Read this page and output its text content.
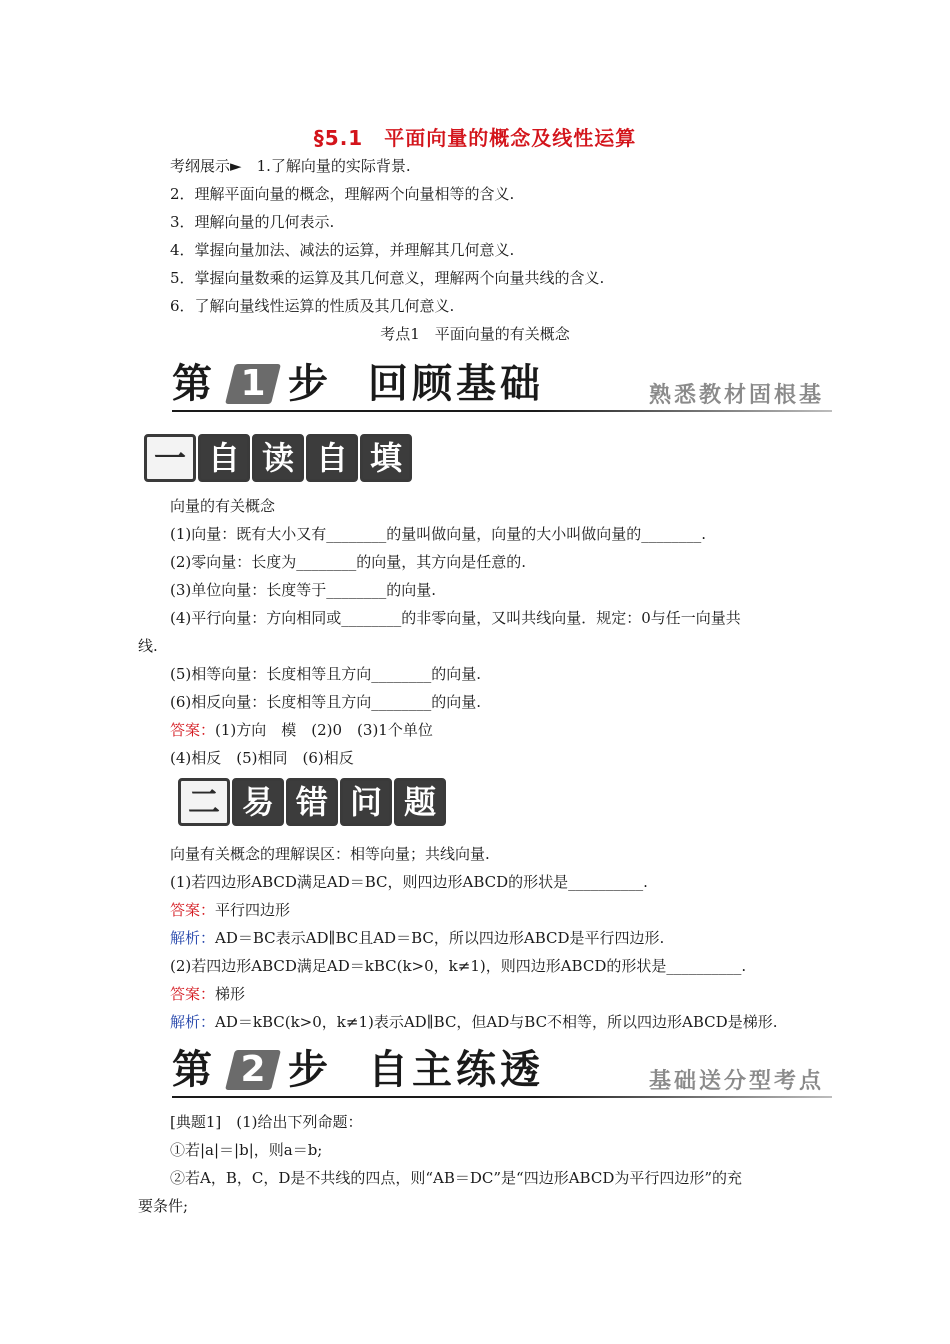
§5.1　平面向量的概念及线性运算
考纲展示►　 1.了解向量的实际背景.
2．理解平面向量的概念，理解两个向量相等的含义.
3．理解向量的几何表示.
4．掌握向量加法、减法的运算，并理解其几何意义.
5．掌握向量数乘的运算及其几何意义，理解两个向量共线的含义.
6．了解向量线性运算的性质及其几何意义.
考点1　平面向量的有关概念
第 1 步 回顾基础	熟悉教材固根基
一 自 读 自 填
向量的有关概念
(1)向量：既有大小又有________的量叫做向量，向量的大小叫做向量的________.
(2)零向量：长度为________的向量，其方向是任意的.
(3)单位向量：长度等于________的向量.
(4)平行向量：方向相同或________的非零向量，又叫共线向量．规定：0与任一向量共
线.
(5)相等向量：长度相等且方向________的向量.
(6)相反向量：长度相等且方向________的向量.
答案：(1)方向　模　(2)0　(3)1个单位
(4)相反　(5)相同　(6)相反
二 易 错 问 题
向量有关概念的理解误区：相等向量；共线向量.
(1)若四边形ABCD满足AD＝BC，则四边形ABCD的形状是__________.
答案：平行四边形
解析：AD＝BC表示AD∥BC且AD＝BC，所以四边形ABCD是平行四边形.
(2)若四边形ABCD满足AD＝kBC(k>0，k≠1)，则四边形ABCD的形状是__________.
答案：梯形
解析：AD＝kBC(k>0，k≠1)表示AD∥BC，但AD与BC不相等，所以四边形ABCD是梯形.
第 2 步 自主练透	基础送分型考点
[典题1]　(1)给出下列命题：
①若|a|＝|b|，则a＝b;
②若A，B，C，D是不共线的四点，则“AB＝DC”是“四边形ABCD为平行四边形”的充
要条件;
